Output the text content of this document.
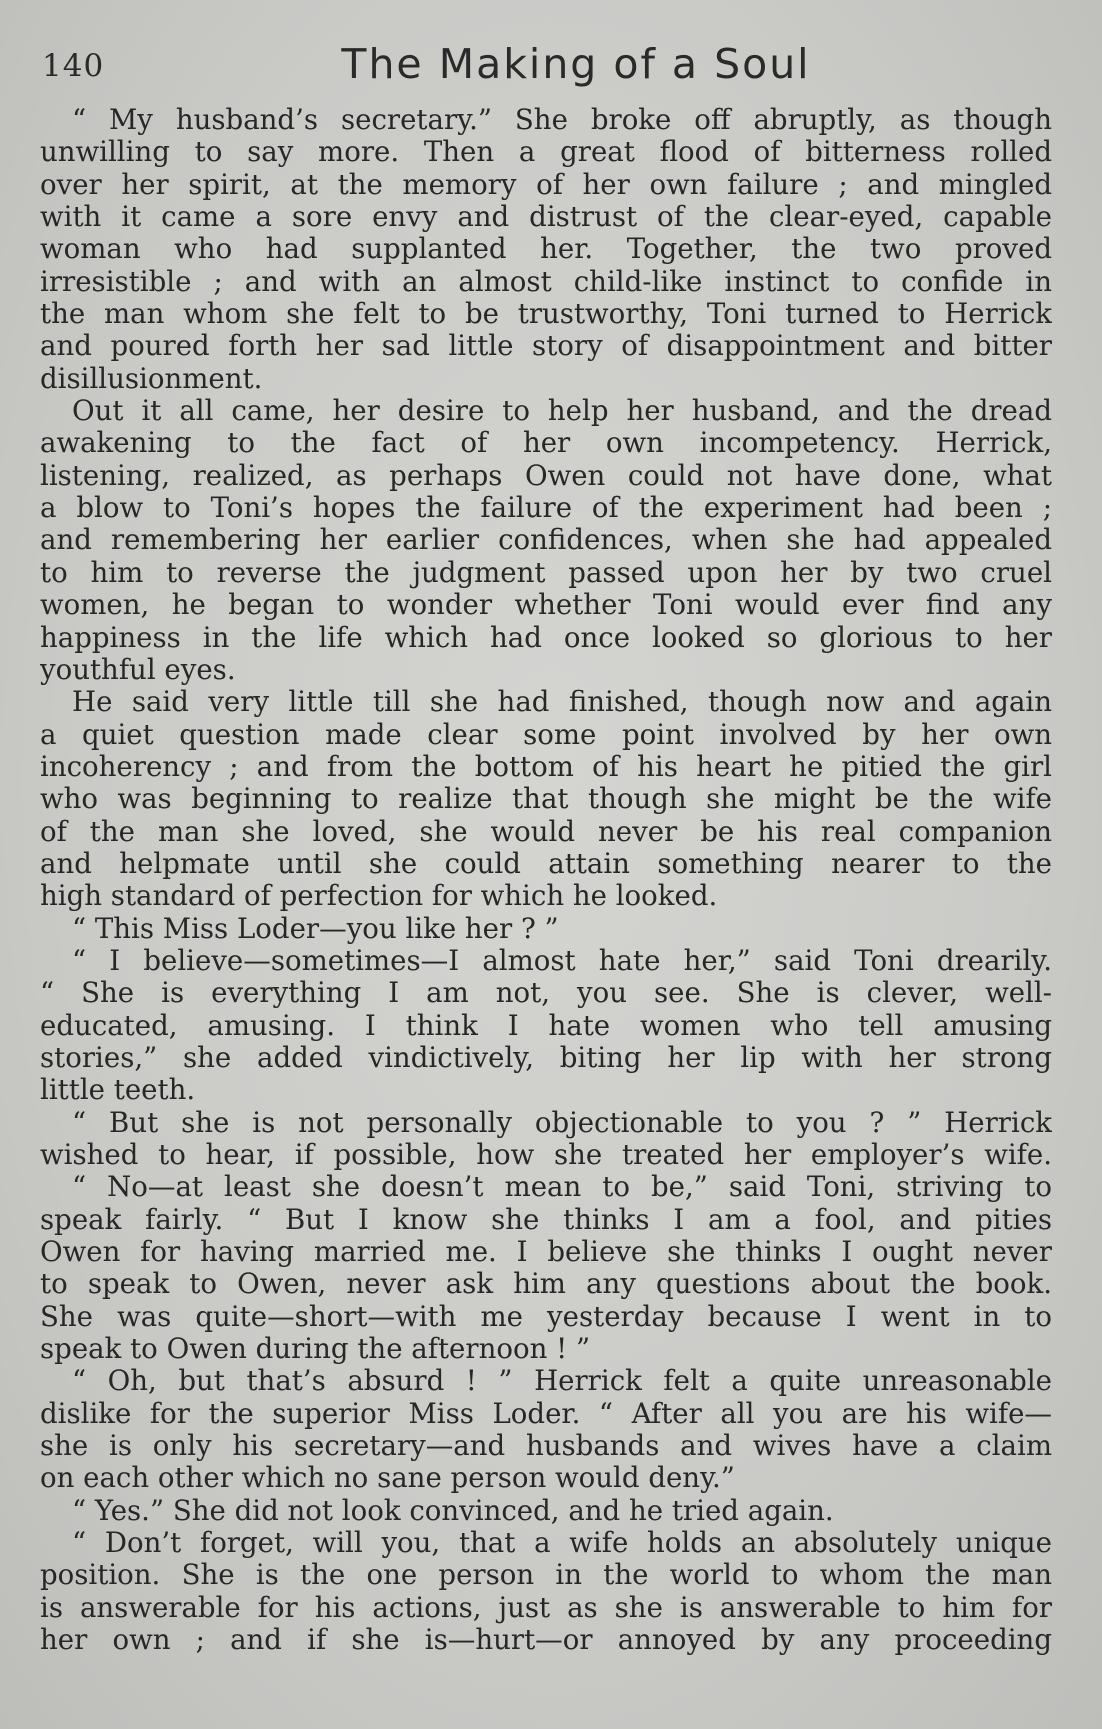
140	The Making of a Soul
“ My husband’s secretary.” She broke off abruptly, as though
unwilling to say more. Then a great flood of bitterness rolled
over her spirit, at the memory of her own failure ; and mingled
with it came a sore envy and distrust of the clear-eyed, capable
woman who had supplanted her. Together, the two proved
irresistible ; and with an almost child-like instinct to confide in
the man whom she felt to be trustworthy, Toni turned to Herrick
and poured forth her sad little story of disappointment and bitter
disillusionment.
Out it all came, her desire to help her husband, and the dread
awakening to the fact of her own incompetency. Herrick,
listening, realized, as perhaps Owen could not have done, what
a blow to Toni’s hopes the failure of the experiment had been ;
and remembering her earlier confidences, when she had appealed
to him to reverse the judgment passed upon her by two cruel
women, he began to wonder whether Toni would ever find any
happiness in the life which had once looked so glorious to her
youthful eyes.
He said very little till she had finished, though now and again
a quiet question made clear some point involved by her own
incoherency ; and from the bottom of his heart he pitied the girl
who was beginning to realize that though she might be the wife
of the man she loved, she would never be his real companion
and helpmate until she could attain something nearer to the
high standard of perfection for which he looked.
“ This Miss Loder—you like her ? ”
“ I believe—sometimes—I almost hate her,” said Toni drearily.
“ She is everything I am not, you see. She is clever, well-
educated, amusing. I think I hate women who tell amusing
stories,” she added vindictively, biting her lip with her strong
little teeth.
“ But she is not personally objectionable to you ? ” Herrick
wished to hear, if possible, how she treated her employer’s wife.
“ No—at least she doesn’t mean to be,” said Toni, striving to
speak fairly. “ But I know she thinks I am a fool, and pities
Owen for having married me. I believe she thinks I ought never
to speak to Owen, never ask him any questions about the book.
She was quite—short—with me yesterday because I went in to
speak to Owen during the afternoon ! ”
“ Oh, but that’s absurd ! ” Herrick felt a quite unreasonable
dislike for the superior Miss Loder. “ After all you are his wife—
she is only his secretary—and husbands and wives have a claim
on each other which no sane person would deny.”
“ Yes.” She did not look convinced, and he tried again.
“ Don’t forget, will you, that a wife holds an absolutely unique
position. She is the one person in the world to whom the man
is answerable for his actions, just as she is answerable to him for
her own ; and if she is—hurt—or annoyed by any proceeding
